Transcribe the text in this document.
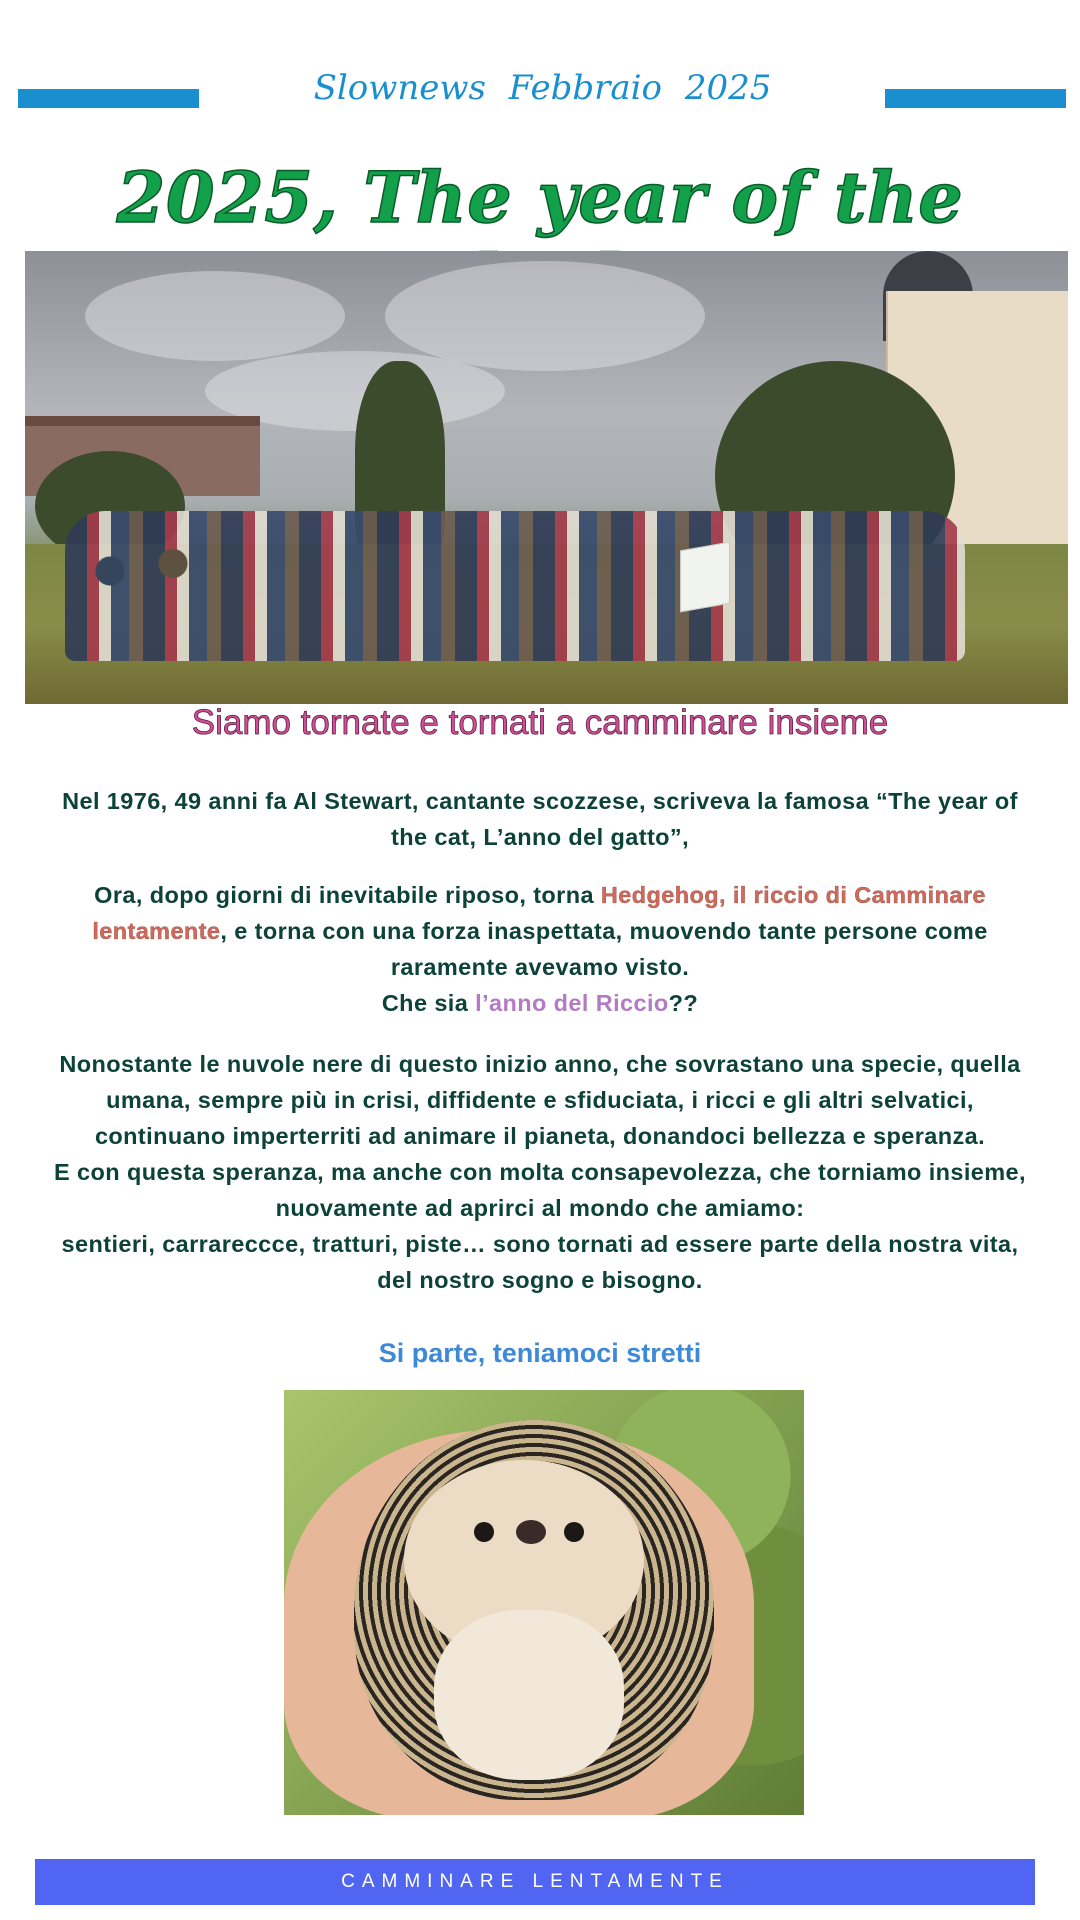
Slownews Febbraio 2025
2025, The year of the
Siamo tornate e tornati a camminare insieme
Nel 1976, 49 anni fa Al Stewart, cantante scozzese, scriveva la famosa “The year of the cat, L’anno del gatto”,
Ora, dopo giorni di inevitabile riposo, torna Hedgehog, il riccio di Camminare lentamente, e torna con una forza inaspettata, muovendo tante persone come raramente avevamo visto.
Che sia l’anno del Riccio??
Nonostante le nuvole nere di questo inizio anno, che sovrastano una specie, quella umana, sempre più in crisi, diffidente e sfiduciata, i ricci e gli altri selvatici, continuano imperterriti ad animare il pianeta, donandoci bellezza e speranza.
E con questa speranza, ma anche con molta consapevolezza, che torniamo insieme, nuovamente ad aprirci al mondo che amiamo:
sentieri, carrareccce, tratturi, piste… sono tornati ad essere parte della nostra vita, del nostro sogno e bisogno.
Si parte, teniamoci stretti
CAMMINARE LENTAMENTE
